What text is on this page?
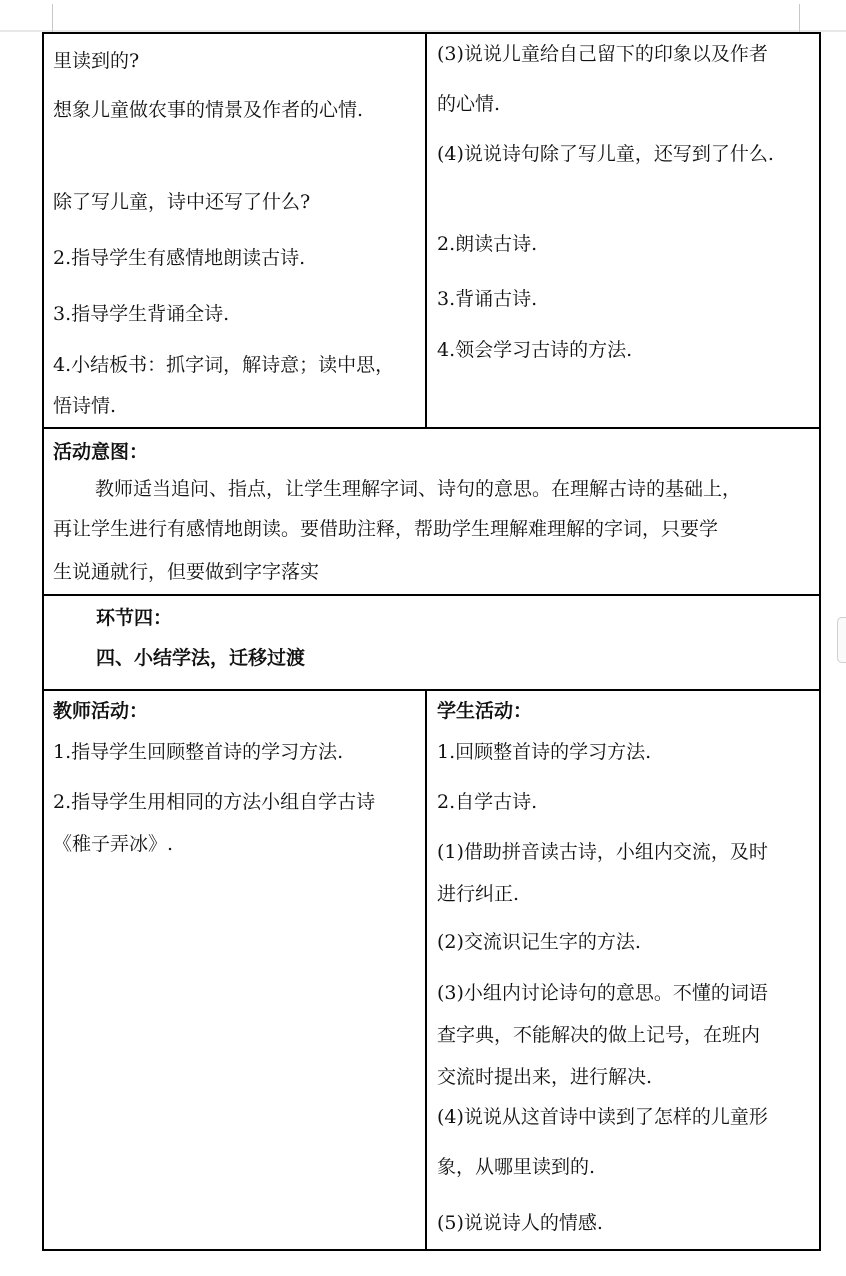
里读到的?
想象儿童做农事的情景及作者的心情.
除了写儿童，诗中还写了什么?
2.指导学生有感情地朗读古诗.
3.指导学生背诵全诗.
4.小结板书：抓字词，解诗意；读中思，
悟诗情.
(3)说说儿童给自己留下的印象以及作者
的心情.
(4)说说诗句除了写儿童，还写到了什么.
2.朗读古诗.
3.背诵古诗.
4.领会学习古诗的方法.
活动意图：
教师适当追问、指点，让学生理解字词、诗句的意思。在理解古诗的基础上，
再让学生进行有感情地朗读。要借助注释，帮助学生理解难理解的字词，只要学
生说通就行，但要做到字字落实
环节四：
四、小结学法，迁移过渡
教师活动：
1.指导学生回顾整首诗的学习方法.
2.指导学生用相同的方法小组自学古诗
《稚子弄冰》.
学生活动：
1.回顾整首诗的学习方法.
2.自学古诗.
(1)借助拼音读古诗，小组内交流，及时
进行纠正.
(2)交流识记生字的方法.
(3)小组内讨论诗句的意思。不懂的词语
查字典，不能解决的做上记号，在班内
交流时提出来，进行解决.
(4)说说从这首诗中读到了怎样的儿童形
象，从哪里读到的.
(5)说说诗人的情感.
